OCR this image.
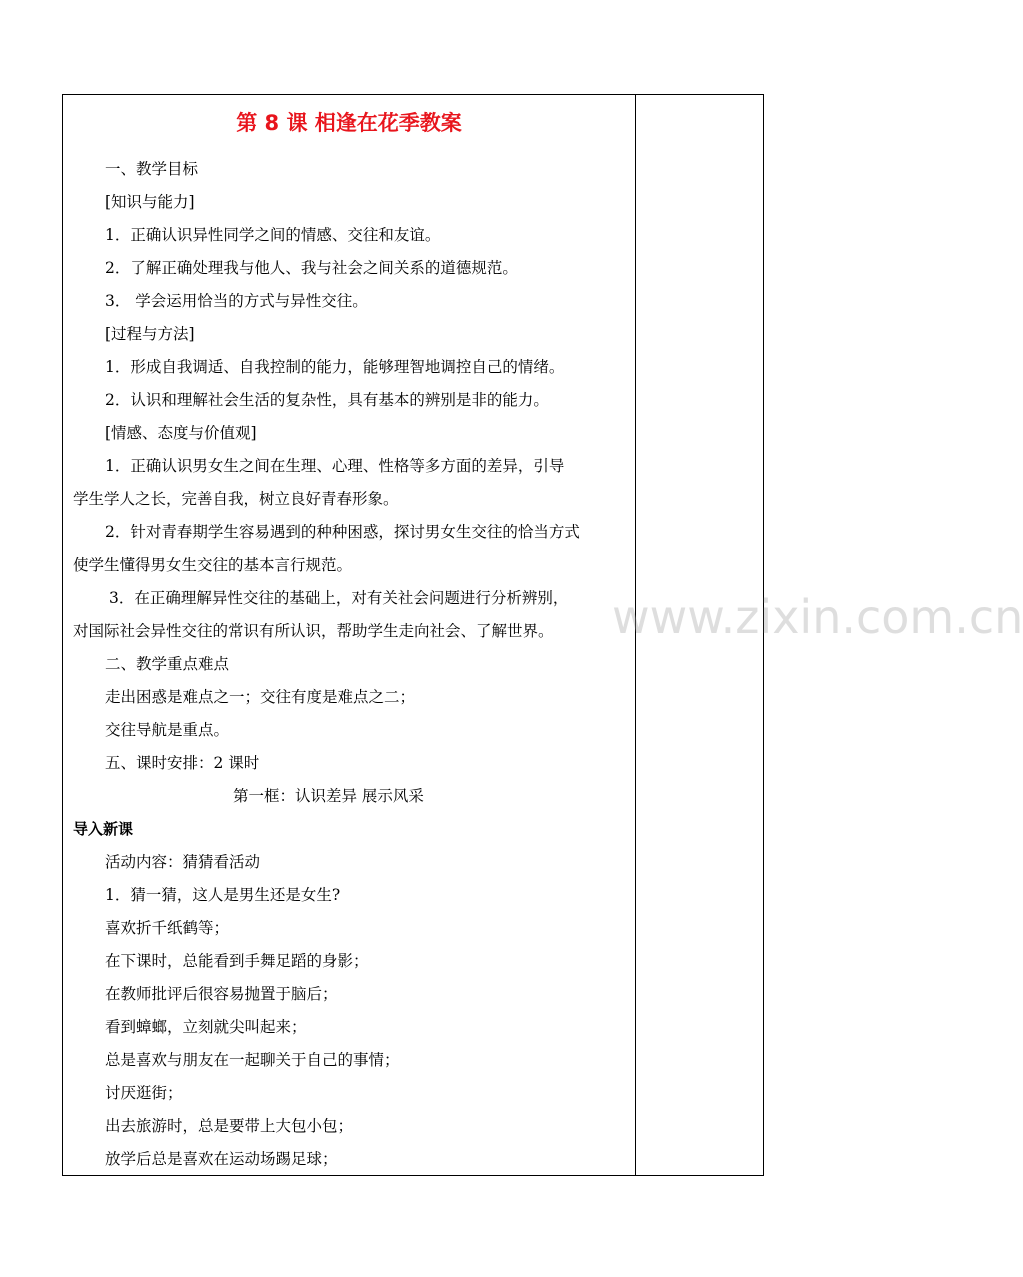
第 8 课 相逢在花季教案
一、教学目标
[知识与能力]
1．正确认识异性同学之间的情感、交往和友谊。
2．了解正确处理我与他人、我与社会之间关系的道德规范。
3． 学会运用恰当的方式与异性交往。
[过程与方法]
1．形成自我调适、自我控制的能力，能够理智地调控自己的情绪。
2．认识和理解社会生活的复杂性，具有基本的辨别是非的能力。
[情感、态度与价值观]
1．正确认识男女生之间在生理、心理、性格等多方面的差异，引导
学生学人之长，完善自我，树立良好青春形象。
2．针对青春期学生容易遇到的种种困惑，探讨男女生交往的恰当方式
使学生懂得男女生交往的基本言行规范。
3．在正确理解异性交往的基础上，对有关社会问题进行分析辨别，
对国际社会异性交往的常识有所认识，帮助学生走向社会、了解世界。
二、教学重点难点
走出困惑是难点之一；交往有度是难点之二；
交往导航是重点。
五、课时安排：2 课时
第一框：认识差异 展示风采
导入新课
活动内容：猜猜看活动
1．猜一猜，这人是男生还是女生?
喜欢折千纸鹤等；
在下课时，总能看到手舞足蹈的身影；
在教师批评后很容易抛置于脑后；
看到蟑螂，立刻就尖叫起来；
总是喜欢与朋友在一起聊关于自己的事情；
讨厌逛街；
出去旅游时，总是要带上大包小包；
放学后总是喜欢在运动场踢足球；
www.zixin.com.cn
